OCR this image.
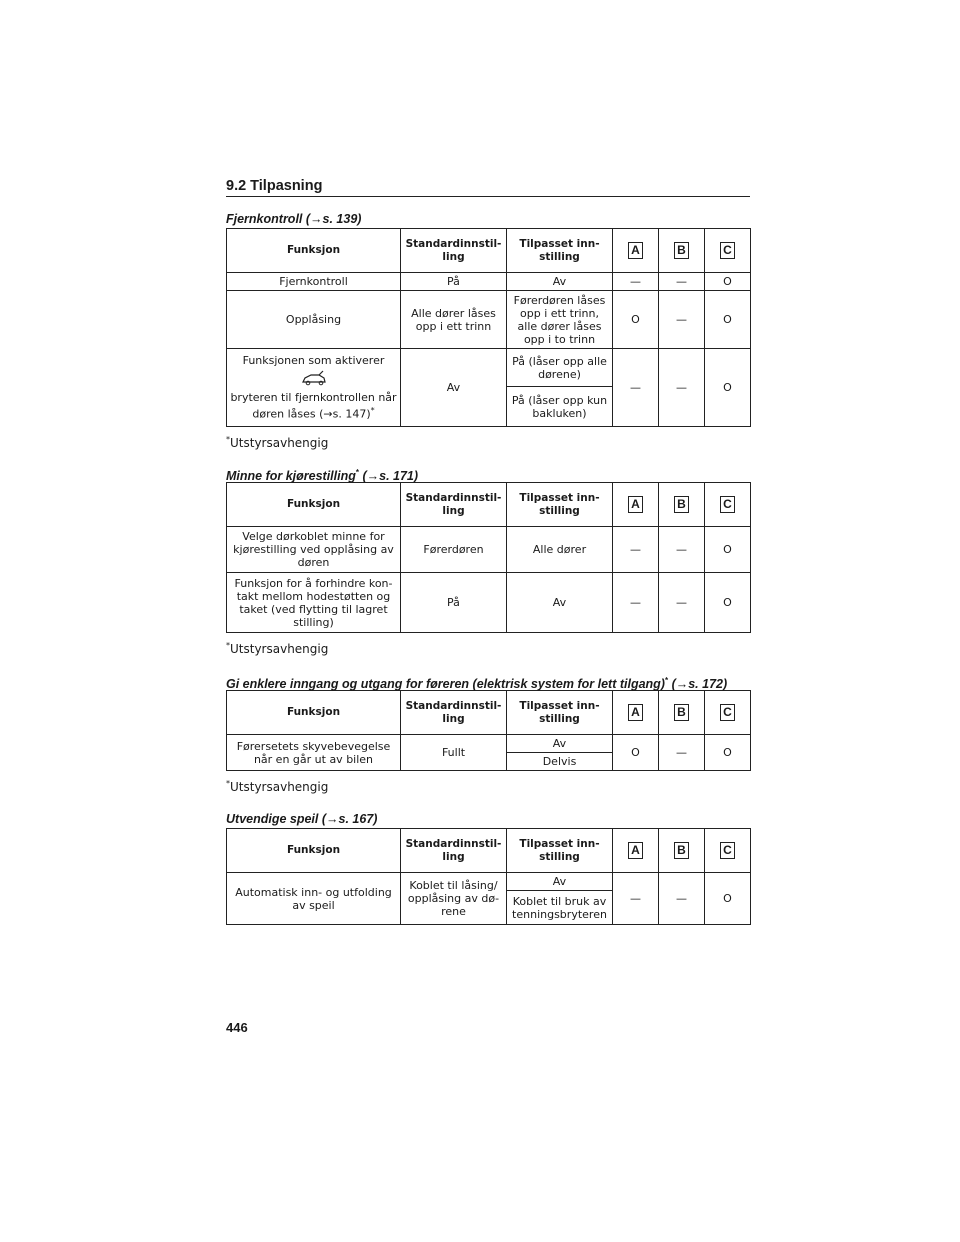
9.2 Tilpasning
Fjernkontroll (→s. 139)
Funksjon	Standardinnstil-ling	Tilpasset inn-stilling	A	B	C
Fjernkontroll	På	Av	—	—	O
Opplåsing	Alle dører låses opp i ett trinn	Førerdøren låses opp i ett trinn, alle dører låses opp i to trinn	O	—	O
Funksjonen som aktiverer
bryteren til fjernkontrollen når døren låses (→s. 147)*	Av	På (låser opp alle dørene)	—	—	O
		På (låser opp kun bakluken)			
*Utstyrsavhengig
Minne for kjørestilling* (→s. 171)
Funksjon	Standardinnstil-ling	Tilpasset inn-stilling	A	B	C
Velge dørkoblet minne for kjørestilling ved opplåsing av døren	Førerdøren	Alle dører	—	—	O
Funksjon for å forhindre kon-takt mellom hodestøtten og taket (ved flytting til lagret stilling)	På	Av	—	—	O
*Utstyrsavhengig
Gi enklere inngang og utgang for føreren (elektrisk system for lett tilgang)* (→s. 172)
Funksjon	Standardinnstil-ling	Tilpasset inn-stilling	A	B	C
Førersetets skyvebevegelse når en går ut av bilen	Fullt	Av	O	—	O
		Delvis			
*Utstyrsavhengig
Utvendige speil (→s. 167)
Funksjon	Standardinnstil-ling	Tilpasset inn-stilling	A	B	C
Automatisk inn- og utfolding av speil	Koblet til låsing/ opplåsing av dø-rene	Av	—	—	O
		Koblet til bruk av tenningsbryteren			
446
